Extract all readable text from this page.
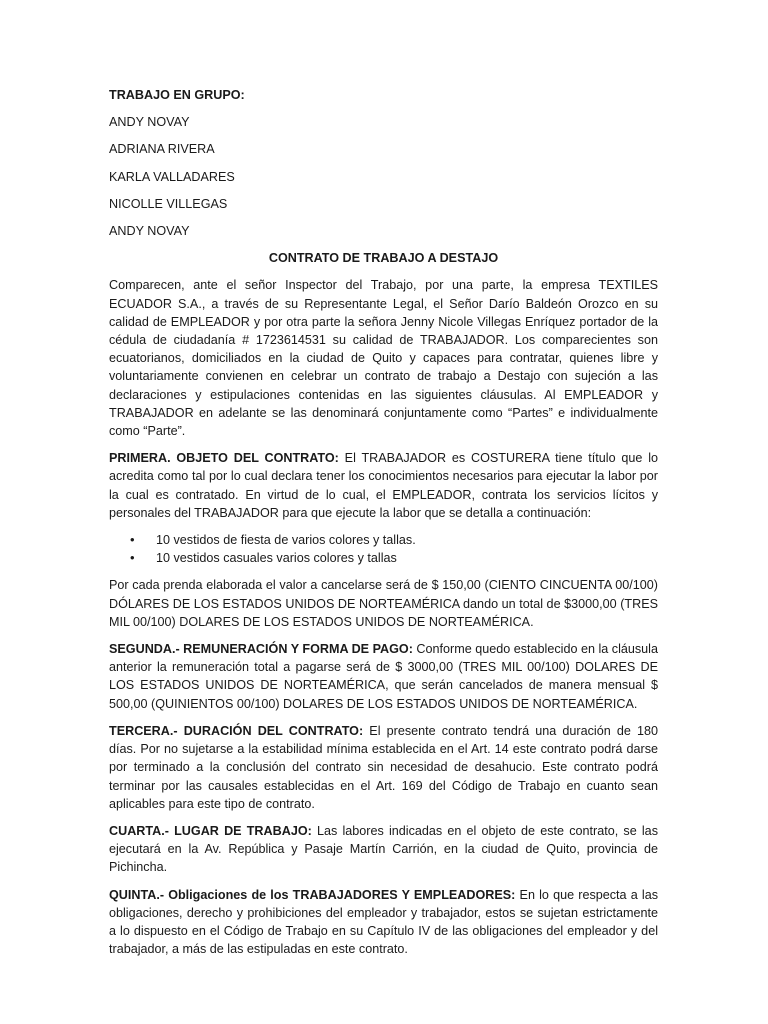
TRABAJO EN GRUPO:

ANDY NOVAY

ADRIANA RIVERA

KARLA VALLADARES

NICOLLE VILLEGAS

ANDY NOVAY

CONTRATO DE TRABAJO A DESTAJO

Comparecen, ante el señor Inspector del Trabajo, por una parte, la empresa TEXTILES ECUADOR S.A., a través de su Representante Legal, el Señor Darío Baldeón Orozco en su calidad de EMPLEADOR y por otra parte la señora Jenny Nicole Villegas Enríquez portador de la cédula de ciudadanía # 1723614531 su calidad de TRABAJADOR. Los comparecientes son ecuatorianos, domiciliados en la ciudad de Quito y capaces para contratar, quienes libre y voluntariamente convienen en celebrar un contrato de trabajo a Destajo con sujeción a las declaraciones y estipulaciones contenidas en las siguientes cláusulas. Al EMPLEADOR y TRABAJADOR en adelante se las denominará conjuntamente como “Partes” e individualmente como “Parte”.

PRIMERA. OBJETO DEL CONTRATO: El TRABAJADOR es COSTURERA tiene título que lo acredita como tal por lo cual declara tener los conocimientos necesarios para ejecutar la labor por la cual es contratado. En virtud de lo cual, el EMPLEADOR, contrata los servicios lícitos y personales del TRABAJADOR para que ejecute la labor que se detalla a continuación:

• 10 vestidos de fiesta de varios colores y tallas.
• 10 vestidos casuales varios colores y tallas

Por cada prenda elaborada el valor a cancelarse será de $ 150,00 (CIENTO CINCUENTA 00/100) DÓLARES DE LOS ESTADOS UNIDOS DE NORTEAMÉRICA dando un total de $3000,00 (TRES MIL 00/100) DOLARES DE LOS ESTADOS UNIDOS DE NORTEAMÉRICA.

SEGUNDA.- REMUNERACIÓN Y FORMA DE PAGO: Conforme quedo establecido en la cláusula anterior la remuneración total a pagarse será de $ 3000,00 (TRES MIL 00/100) DOLARES DE LOS ESTADOS UNIDOS DE NORTEAMÉRICA, que serán cancelados de manera mensual $ 500,00 (QUINIENTOS 00/100) DOLARES DE LOS ESTADOS UNIDOS DE NORTEAMÉRICA.

TERCERA.- DURACIÓN DEL CONTRATO: El presente contrato tendrá una duración de 180 días. Por no sujetarse a la estabilidad mínima establecida en el Art. 14 este contrato podrá darse por terminado a la conclusión del contrato sin necesidad de desahucio. Este contrato podrá terminar por las causales establecidas en el Art. 169 del Código de Trabajo en cuanto sean aplicables para este tipo de contrato.

CUARTA.- LUGAR DE TRABAJO: Las labores indicadas en el objeto de este contrato, se las ejecutará en la Av. República y Pasaje Martín Carrión, en la ciudad de Quito, provincia de Pichincha.

QUINTA.- Obligaciones de los TRABAJADORES Y EMPLEADORES: En lo que respecta a las obligaciones, derecho y prohibiciones del empleador y trabajador, estos se sujetan estrictamente a lo dispuesto en el Código de Trabajo en su Capítulo IV de las obligaciones del empleador y del trabajador, a más de las estipuladas en este contrato.
